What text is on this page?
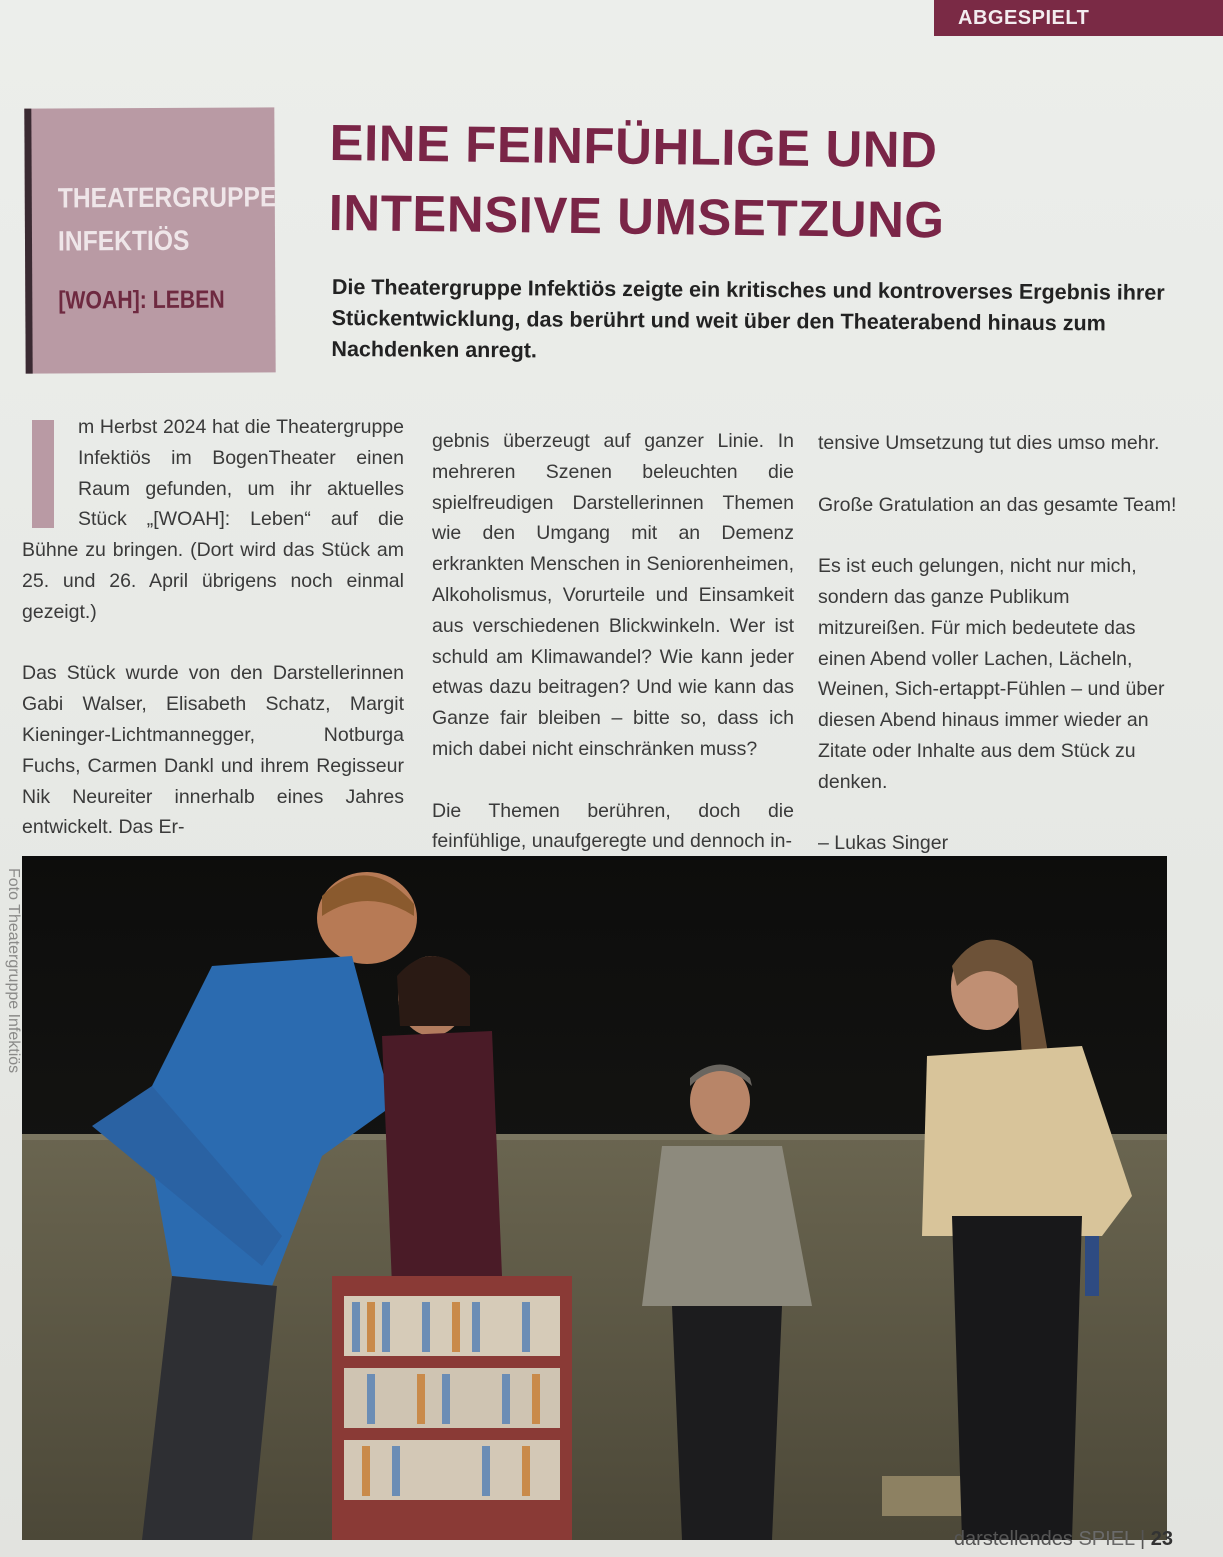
ABGESPIELT
THEATERGRUPPE INFEKTIÖS
[WOAH]: LEBEN
EINE FEINFÜHLIGE UND INTENSIVE UMSETZUNG

Die Theatergruppe Infektiös zeigte ein kritisches und kontroverses Ergebnis ihrer Stückentwicklung, das berührt und weit über den Theaterabend hinaus zum Nachdenken anregt.

m Herbst 2024 hat die Theatergruppe Infektiös im BogenTheater einen Raum gefunden, um ihr aktuelles Stück „[WOAH]: Leben“ auf die Bühne zu bringen. (Dort wird das Stück am 25. und 26. April übrigens noch einmal gezeigt.)

Das Stück wurde von den Darstellerinnen Gabi Walser, Elisabeth Schatz, Margit Kieninger-Lichtmannegger, Notburga Fuchs, Carmen Dankl und ihrem Regisseur Nik Neureiter innerhalb eines Jahres entwickelt. Das Er-

gebnis überzeugt auf ganzer Linie. In mehreren Szenen beleuchten die spielfreudigen Darstellerinnen Themen wie den Umgang mit an Demenz erkrankten Menschen in Seniorenheimen, Alkoholismus, Vorurteile und Einsamkeit aus verschiedenen Blickwinkeln. Wer ist schuld am Klimawandel? Wie kann jeder etwas dazu beitragen? Und wie kann das Ganze fair bleiben – bitte so, dass ich mich dabei nicht einschränken muss?

Die Themen berühren, doch die feinfühlige, unaufgeregte und dennoch in-

tensive Umsetzung tut dies umso mehr.

Große Gratulation an das gesamte Team!

Es ist euch gelungen, nicht nur mich, sondern das ganze Publikum mitzureißen. Für mich bedeutete das einen Abend voller Lachen, Lächeln, Weinen, Sich-ertappt-Fühlen – und über diesen Abend hinaus immer wieder an Zitate oder Inhalte aus dem Stück zu denken.

– Lukas Singer

Foto Theatergruppe Infektiös
darstellendes SPIEL | 23
